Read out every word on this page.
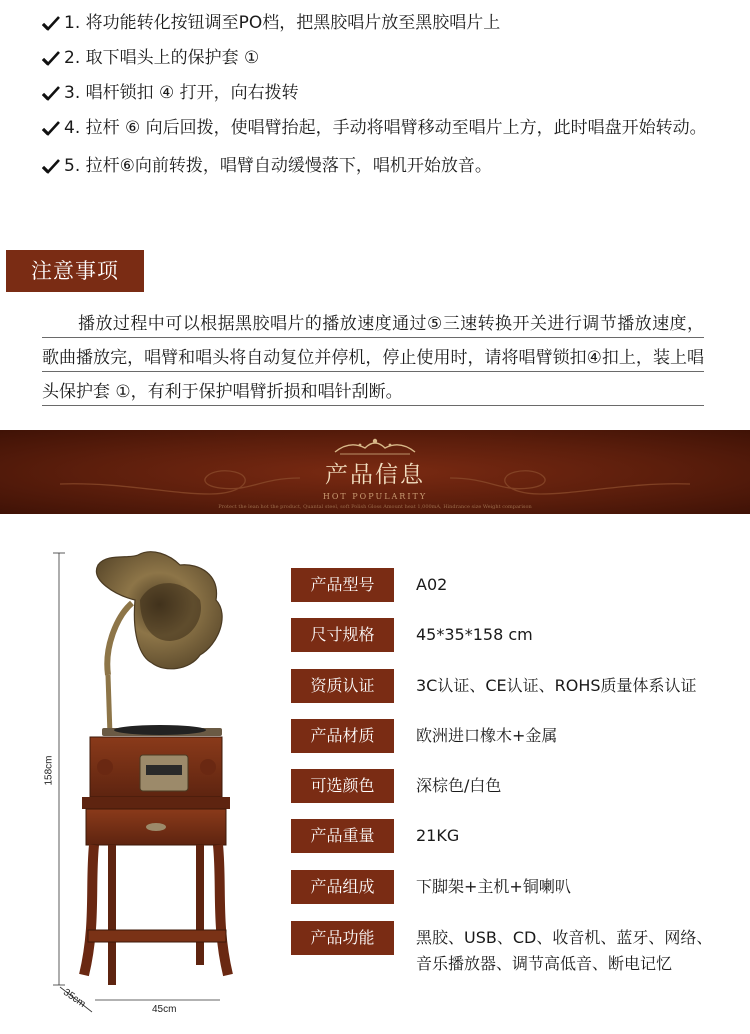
1. 将功能转化按钮调至PO档，把黑胶唱片放至黑胶唱片上
2. 取下唱头上的保护套 ①
3. 唱杆锁扣 ④ 打开，向右拨转
4. 拉杆 ⑥ 向后回拨，使唱臂抬起，手动将唱臂移动至唱片上方，此时唱盘开始转动。
5. 拉杆⑥向前转拨，唱臂自动缓慢落下，唱机开始放音。
注意事项

播放过程中可以根据黑胶唱片的播放速度通过⑤三速转换开关进行调节播放速度，歌曲播放完，唱臂和唱头将自动复位并停机，停止使用时，请将唱臂锁扣④扣上，装上唱头保护套 ①，有利于保护唱臂折损和唱针刮断。

产品信息
HOT POPULARITY
Protect the lean hot the product, Quantal steel, soft Polish Gloss Amount heat 1,000mA, Hindrance size Weight comparison
158cm
35cm	45cm
产品型号	A02
尺寸规格	45*35*158 cm
资质认证	3C认证、CE认证、ROHS质量体系认证
产品材质	欧洲进口橡木+金属
可选颜色	深棕色/白色
产品重量	21KG
产品组成	下脚架+主机+铜喇叭
产品功能	黑胶、USB、CD、收音机、蓝牙、网络、音乐播放器、调节高低音、断电记忆
